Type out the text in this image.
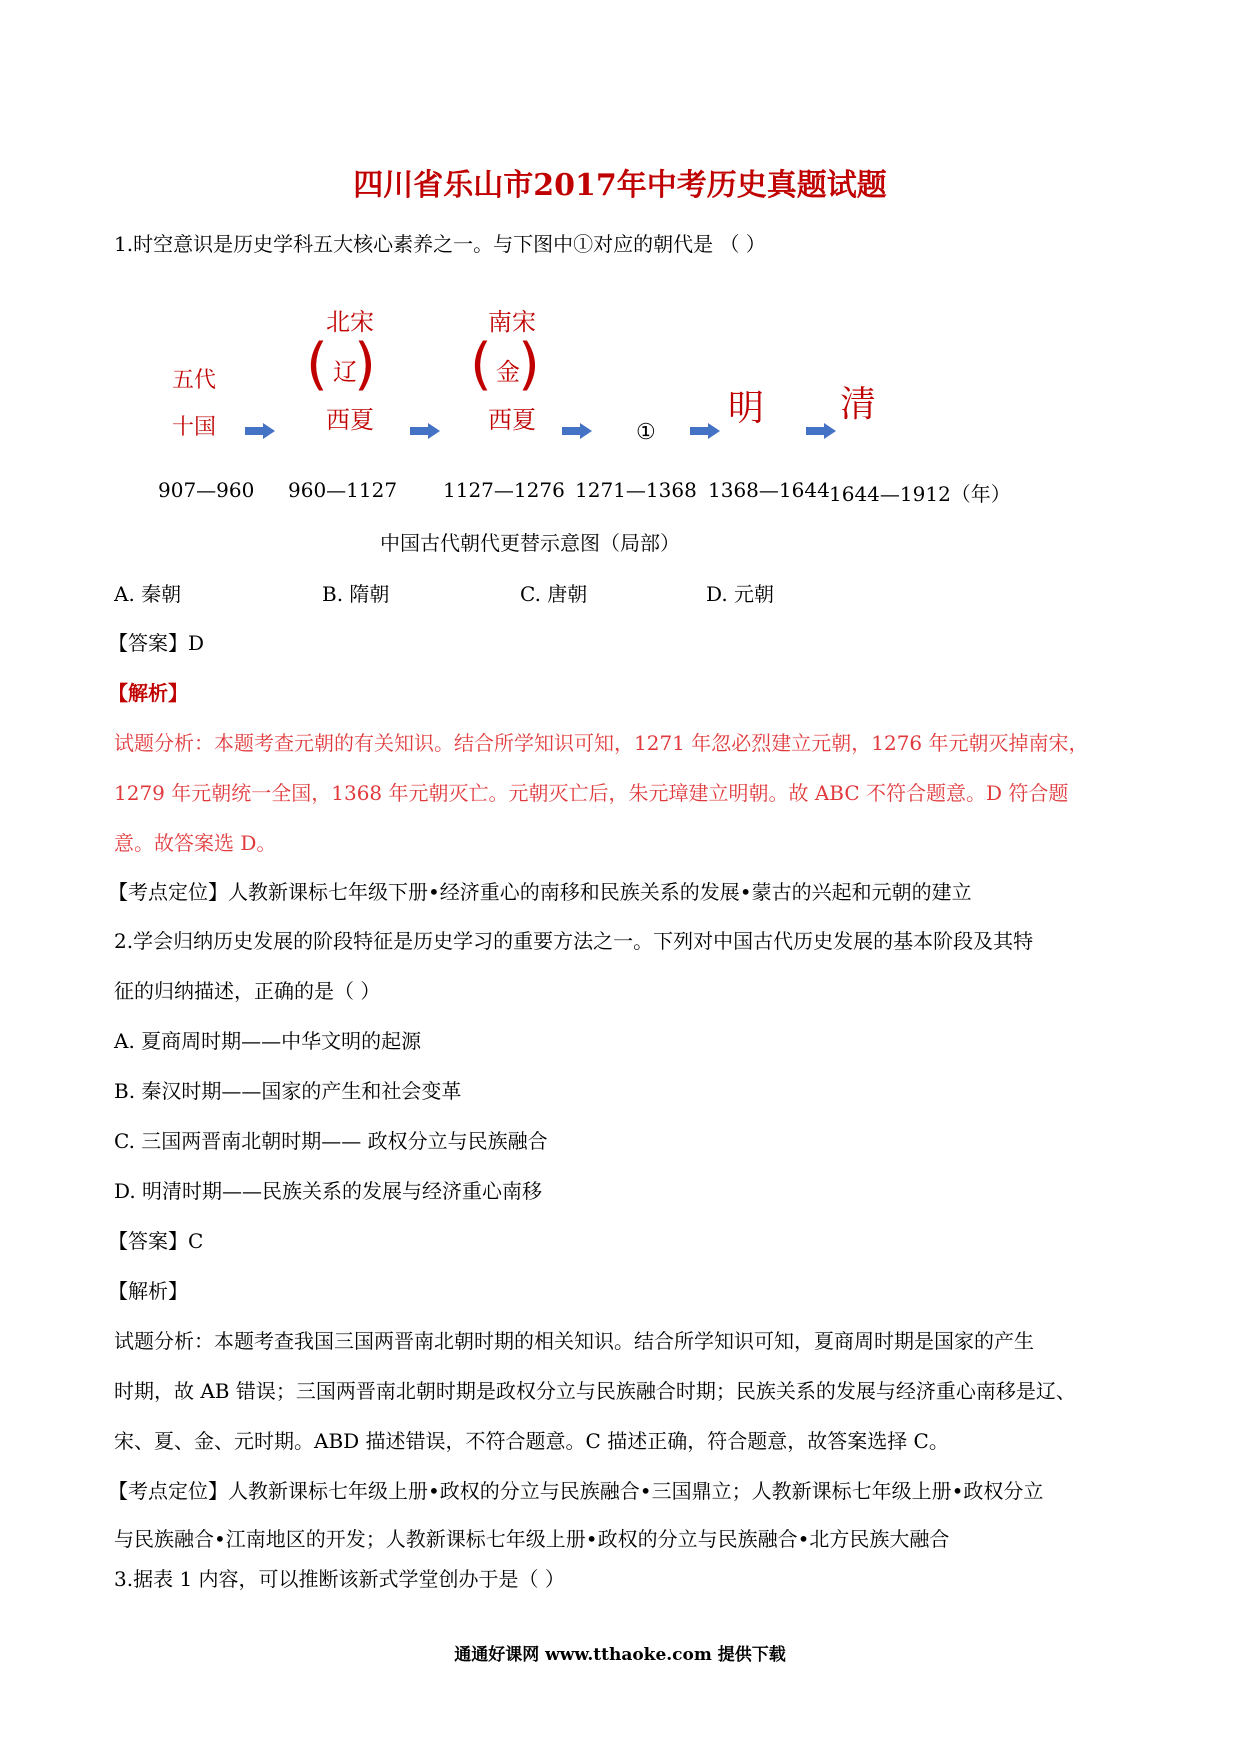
四川省乐山市2017年中考历史真题试题
1.时空意识是历史学科五大核心素养之一。与下图中①对应的朝代是 （ ）
五代
十国
(
北宋
辽
西夏
) (
南宋
金
西夏
)
①
明 清
907—960 960—1127 1127—1276 1271—1368 1368—1644 1644—1912（年）
中国古代朝代更替示意图（局部）
A. 秦朝	B. 隋朝	C. 唐朝	D. 元朝
【答案】D
【解析】
试题分析：本题考查元朝的有关知识。结合所学知识可知，1271 年忽必烈建立元朝，1276 年元朝灭掉南宋，
1279 年元朝统一全国，1368 年元朝灭亡。元朝灭亡后，朱元璋建立明朝。故 ABC 不符合题意。D 符合题
意。故答案选 D。
【考点定位】人教新课标七年级下册•经济重心的南移和民族关系的发展•蒙古的兴起和元朝的建立
2.学会归纳历史发展的阶段特征是历史学习的重要方法之一。下列对中国古代历史发展的基本阶段及其特
征的归纳描述，正确的是（ ）
A. 夏商周时期——中华文明的起源
B. 秦汉时期——国家的产生和社会变革
C. 三国两晋南北朝时期—— 政权分立与民族融合
D. 明清时期——民族关系的发展与经济重心南移
【答案】C
【解析】
试题分析：本题考查我国三国两晋南北朝时期的相关知识。结合所学知识可知，夏商周时期是国家的产生
时期，故 AB 错误；三国两晋南北朝时期是政权分立与民族融合时期；民族关系的发展与经济重心南移是辽、
宋、夏、金、元时期。ABD 描述错误，不符合题意。C 描述正确，符合题意，故答案选择 C。
【考点定位】人教新课标七年级上册•政权的分立与民族融合•三国鼎立；人教新课标七年级上册•政权分立
与民族融合•江南地区的开发；人教新课标七年级上册•政权的分立与民族融合•北方民族大融合
3.据表 1 内容，可以推断该新式学堂创办于是（ ）
通通好课网 www.tthaoke.com 提供下载
